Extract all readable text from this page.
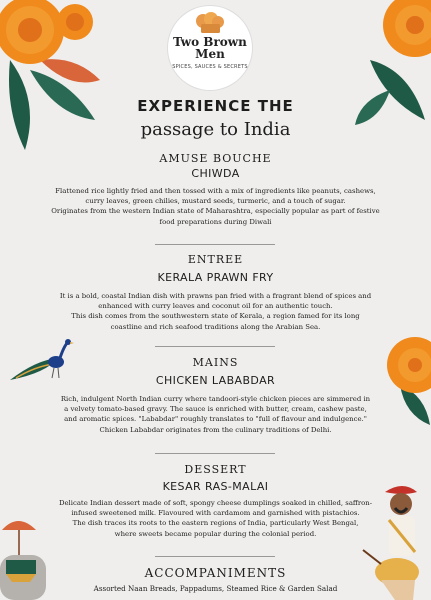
Two Brown
Men
SPICES, SAUCES & SECRETS
EXPERIENCE THE
passage to India
AMUSE BOUCHE
CHIWDA
Flattened rice lightly fried and then tossed with a mix of ingredients like peanuts, cashews,
curry leaves, green chilies, mustard seeds, turmeric, and a touch of sugar.
Originates from the western Indian state of Maharashtra, especially popular as part of festive
food preparations during Diwali
ENTREE
KERALA PRAWN FRY
It is a bold, coastal Indian dish with prawns pan fried with a fragrant blend of spices and
enhanced with curry leaves and coconut oil for an authentic touch.
This dish comes from the southwestern state of Kerala, a region famed for its long
coastline and rich seafood traditions along the Arabian Sea.
MAINS
CHICKEN LABABDAR
Rich, indulgent North Indian curry where tandoori-style chicken pieces are simmered in
a velvety tomato-based gravy. The sauce is enriched with butter, cream, cashew paste,
and aromatic spices. "Lababdar" roughly translates to "full of flavour and indulgence."
Chicken Lababdar originates from the culinary traditions of Delhi.
DESSERT
KESAR RAS-MALAI
Delicate Indian dessert made of soft, spongy cheese dumplings soaked in chilled, saffron-
infused sweetened milk. Flavoured with cardamom and garnished with pistachios.
The dish traces its roots to the eastern regions of India, particularly West Bengal,
where sweets became popular during the colonial period.
ACCOMPANIMENTS
Assorted Naan Breads, Pappadums, Steamed Rice & Garden Salad
